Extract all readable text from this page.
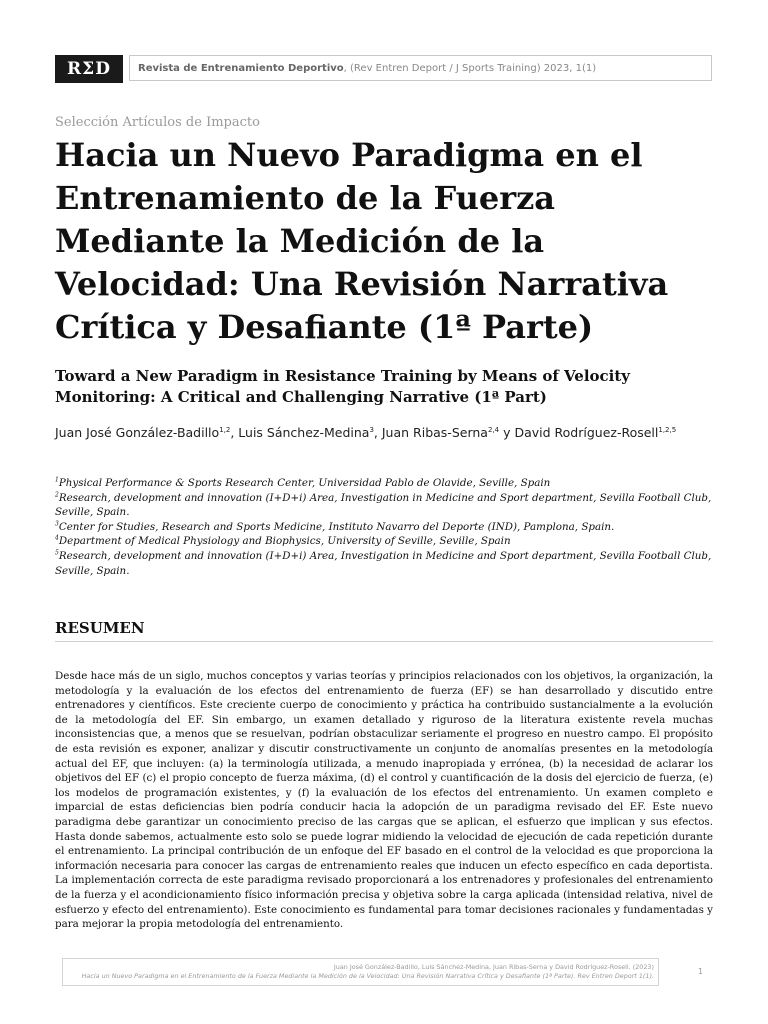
RΣD	Revista de Entrenamiento Deportivo , (Rev Entren Deport / J Sports Training) 2023, 1(1)
Selección Artículos de Impacto
Hacia un Nuevo Paradigma en el Entrenamiento de la Fuerza Mediante la Medición de la Velocidad: Una Revisión Narrativa Crítica y Desafiante (1ª Parte)
Toward a New Paradigm in Resistance Training by Means of Velocity Monitoring: A Critical and Challenging Narrative (1ª Part)
Juan José González-Badillo$^{1,2}$, Luis Sánchez-Medina$^3$, Juan Ribas-Serna$^{2,4}$ y David Rodríguez-Rosell$^{1,2,5}$
$^1$Physical Performance & Sports Research Center, Universidad Pablo de Olavide, Seville, Spain
$^2$Research, development and innovation (I+D+i) Area, Investigation in Medicine and Sport department, Sevilla Football Club, Seville, Spain.
$^3$Center for Studies, Research and Sports Medicine, Instituto Navarro del Deporte (IND), Pamplona, Spain.
$^4$Department of Medical Physiology and Biophysics, University of Seville, Seville, Spain
$^5$Research, development and innovation (I+D+i) Area, Investigation in Medicine and Sport department, Sevilla Football Club, Seville, Spain.
RESUMEN

Desde hace más de un siglo, muchos conceptos y varias teorías y principios relacionados con los objetivos, la organización, la metodología y la evaluación de los efectos del entrenamiento de fuerza (EF) se han desarrollado y discutido entre entrenadores y científicos. Este creciente cuerpo de conocimiento y práctica ha contribuido sustancialmente a la evolución de la metodología del EF. Sin embargo, un examen detallado y riguroso de la literatura existente revela muchas inconsistencias que, a menos que se resuelvan, podrían obstaculizar seriamente el progreso en nuestro campo. El propósito de esta revisión es exponer, analizar y discutir constructivamente un conjunto de anomalías presentes en la metodología actual del EF, que incluyen: (a) la terminología utilizada, a menudo inapropiada y errónea, (b) la necesidad de aclarar los objetivos del EF (c) el propio concepto de fuerza máxima, (d) el control y cuantificación de la dosis del ejercicio de fuerza, (e) los modelos de programación existentes, y (f) la evaluación de los efectos del entrenamiento. Un examen completo e imparcial de estas deficiencias bien podría conducir hacia la adopción de un paradigma revisado del EF. Este nuevo paradigma debe garantizar un conocimiento preciso de las cargas que se aplican, el esfuerzo que implican y sus efectos. Hasta donde sabemos, actualmente esto solo se puede lograr midiendo la velocidad de ejecución de cada repetición durante el entrenamiento. La principal contribución de un enfoque del EF basado en el control de la velocidad es que proporciona la información necesaria para conocer las cargas de entrenamiento reales que inducen un efecto específico en cada deportista. La implementación correcta de este paradigma revisado proporcionará a los entrenadores y profesionales del entrenamiento de la fuerza y el acondicionamiento físico información precisa y objetiva sobre la carga aplicada (intensidad relativa, nivel de esfuerzo y efecto del entrenamiento). Este conocimiento es fundamental para tomar decisiones racionales y fundamentadas y para mejorar la propia metodología del entrenamiento.

Juan José González-Badillo, Luis Sánchez-Medina, Juan Ribas-Serna y David Rodríguez-Rosell. (2023)
Hacia un Nuevo Paradigma en el Entrenamiento de la Fuerza Mediante la Medición de la Velocidad: Una Revisión Narrativa Crítica y Desafiante (1ª Parte). Rev Entren Deport 1(1).	1
